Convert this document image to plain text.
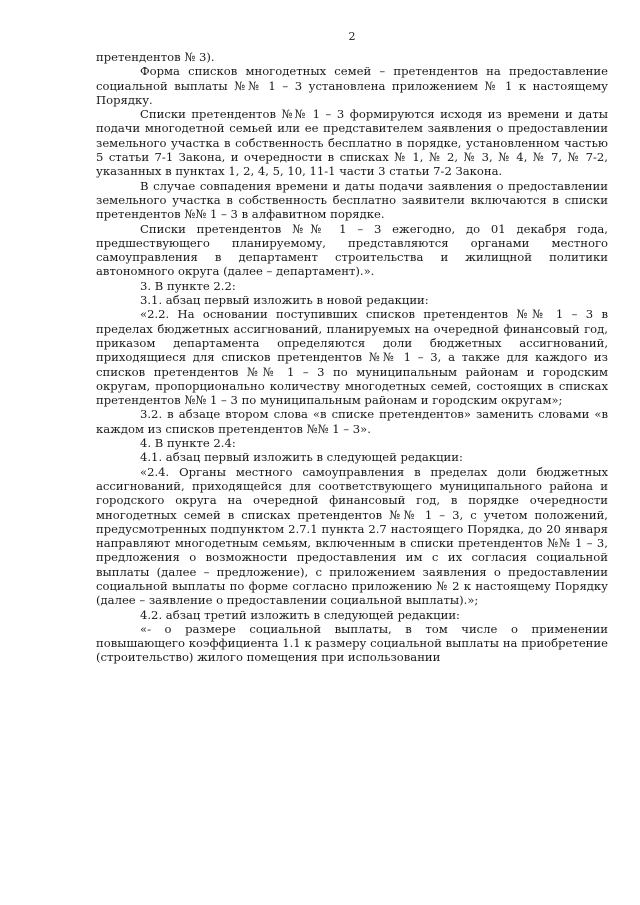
2

претендентов № 3).

Форма списков многодетных семей – претендентов на предоставление социальной выплаты №№ 1 – 3 установлена приложением № 1 к настоящему Порядку.

Списки претендентов №№ 1 – 3 формируются исходя из времени и даты подачи многодетной семьей или ее представителем заявления о предоставлении земельного участка в собственность бесплатно в порядке, установленном частью 5 статьи 7-1 Закона, и очередности в списках № 1, № 2, № 3, № 4, № 7, № 7-2, указанных в пунктах 1, 2, 4, 5, 10, 11-1 части 3 статьи 7-2 Закона.

В случае совпадения времени и даты подачи заявления о предоставлении земельного участка в собственность бесплатно заявители включаются в списки претендентов №№ 1 – 3 в алфавитном порядке.

Списки претендентов №№ 1 – 3 ежегодно, до 01 декабря года, предшествующего планируемому, представляются органами местного самоуправления в департамент строительства и жилищной политики автономного округа (далее – департамент).».

3. В пункте 2.2:

3.1. абзац первый изложить в новой редакции:

«2.2. На основании поступивших списков претендентов №№ 1 – 3 в пределах бюджетных ассигнований, планируемых на очередной финансовый год, приказом департамента определяются доли бюджетных ассигнований, приходящиеся для списков претендентов №№ 1 – 3, а также для каждого из списков претендентов №№ 1 – 3 по муниципальным районам и городским округам, пропорционально количеству многодетных семей, состоящих в списках претендентов №№ 1 – 3 по муниципальным районам и городским округам»;

3.2. в абзаце втором слова «в списке претендентов» заменить словами «в каждом из списков претендентов №№ 1 – 3».

4. В пункте 2.4:

4.1. абзац первый изложить в следующей редакции:

«2.4. Органы местного самоуправления в пределах доли бюджетных ассигнований, приходящейся для соответствующего муниципального района и городского округа на очередной финансовый год, в порядке очередности многодетных семей в списках претендентов №№ 1 – 3, с учетом положений, предусмотренных подпунктом 2.7.1 пункта 2.7 настоящего Порядка, до 20 января направляют многодетным семьям, включенным в списки претендентов №№ 1 – 3, предложения о возможности предоставления им с их согласия социальной выплаты (далее – предложение), с приложением заявления о предоставлении социальной выплаты по форме согласно приложению № 2 к настоящему Порядку (далее – заявление о предоставлении социальной выплаты).»;

4.2. абзац третий изложить в следующей редакции:

«- о размере социальной выплаты, в том числе о применении повышающего коэффициента 1.1 к размеру социальной выплаты на приобретение (строительство) жилого помещения при использовании
